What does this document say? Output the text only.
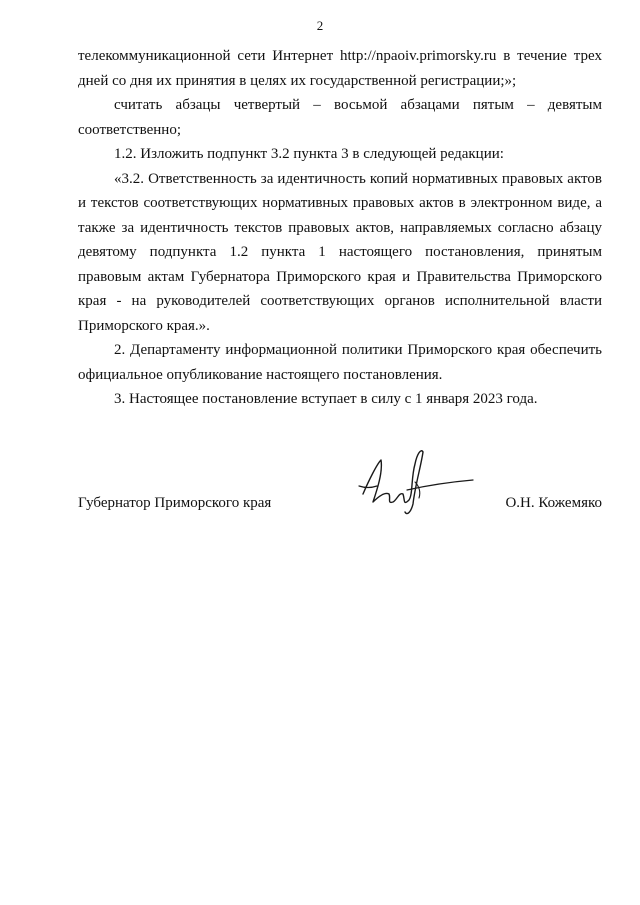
2

телекоммуникационной сети Интернет http://npaoiv.primorsky.ru в течение трех дней со дня их принятия в целях их государственной регистрации;»;

считать абзацы четвертый – восьмой абзацами пятым – девятым соответственно;

1.2. Изложить подпункт 3.2 пункта 3 в следующей редакции:

«3.2. Ответственность за идентичность копий нормативных правовых актов и текстов соответствующих нормативных правовых актов в электронном виде, а также за идентичность текстов правовых актов, направляемых согласно абзацу девятому подпункта 1.2 пункта 1 настоящего постановления, принятым правовым актам Губернатора Приморского края и Правительства Приморского края - на руководителей соответствующих органов исполнительной власти Приморского края.».

2. Департаменту информационной политики Приморского края обеспечить официальное опубликование настоящего постановления.

3. Настоящее постановление вступает в силу с 1 января 2023 года.

Губернатор Приморского края	О.Н. Кожемяко
